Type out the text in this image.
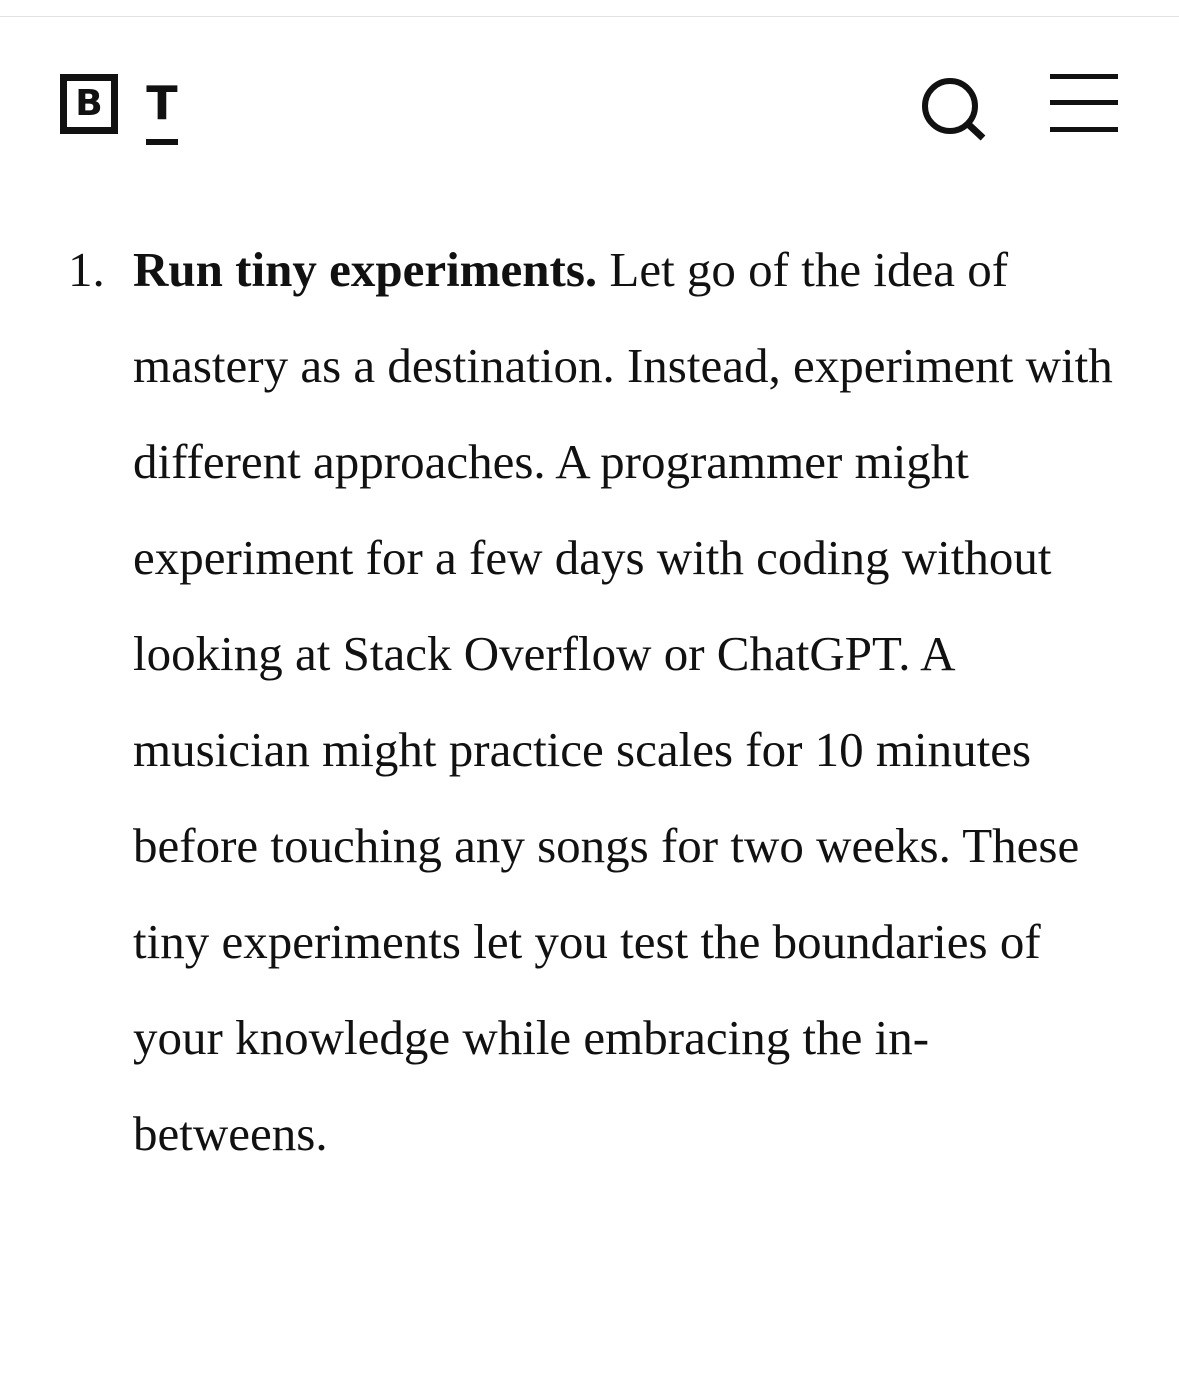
B T
1. Run tiny experiments. Let go of the idea of mastery as a destination. Instead, experiment with different approaches. A programmer might experiment for a few days with coding without looking at Stack Overflow or ChatGPT. A musician might practice scales for 10 minutes before touching any songs for two weeks. These tiny experiments let you test the boundaries of your knowledge while embracing the in-betweens.
